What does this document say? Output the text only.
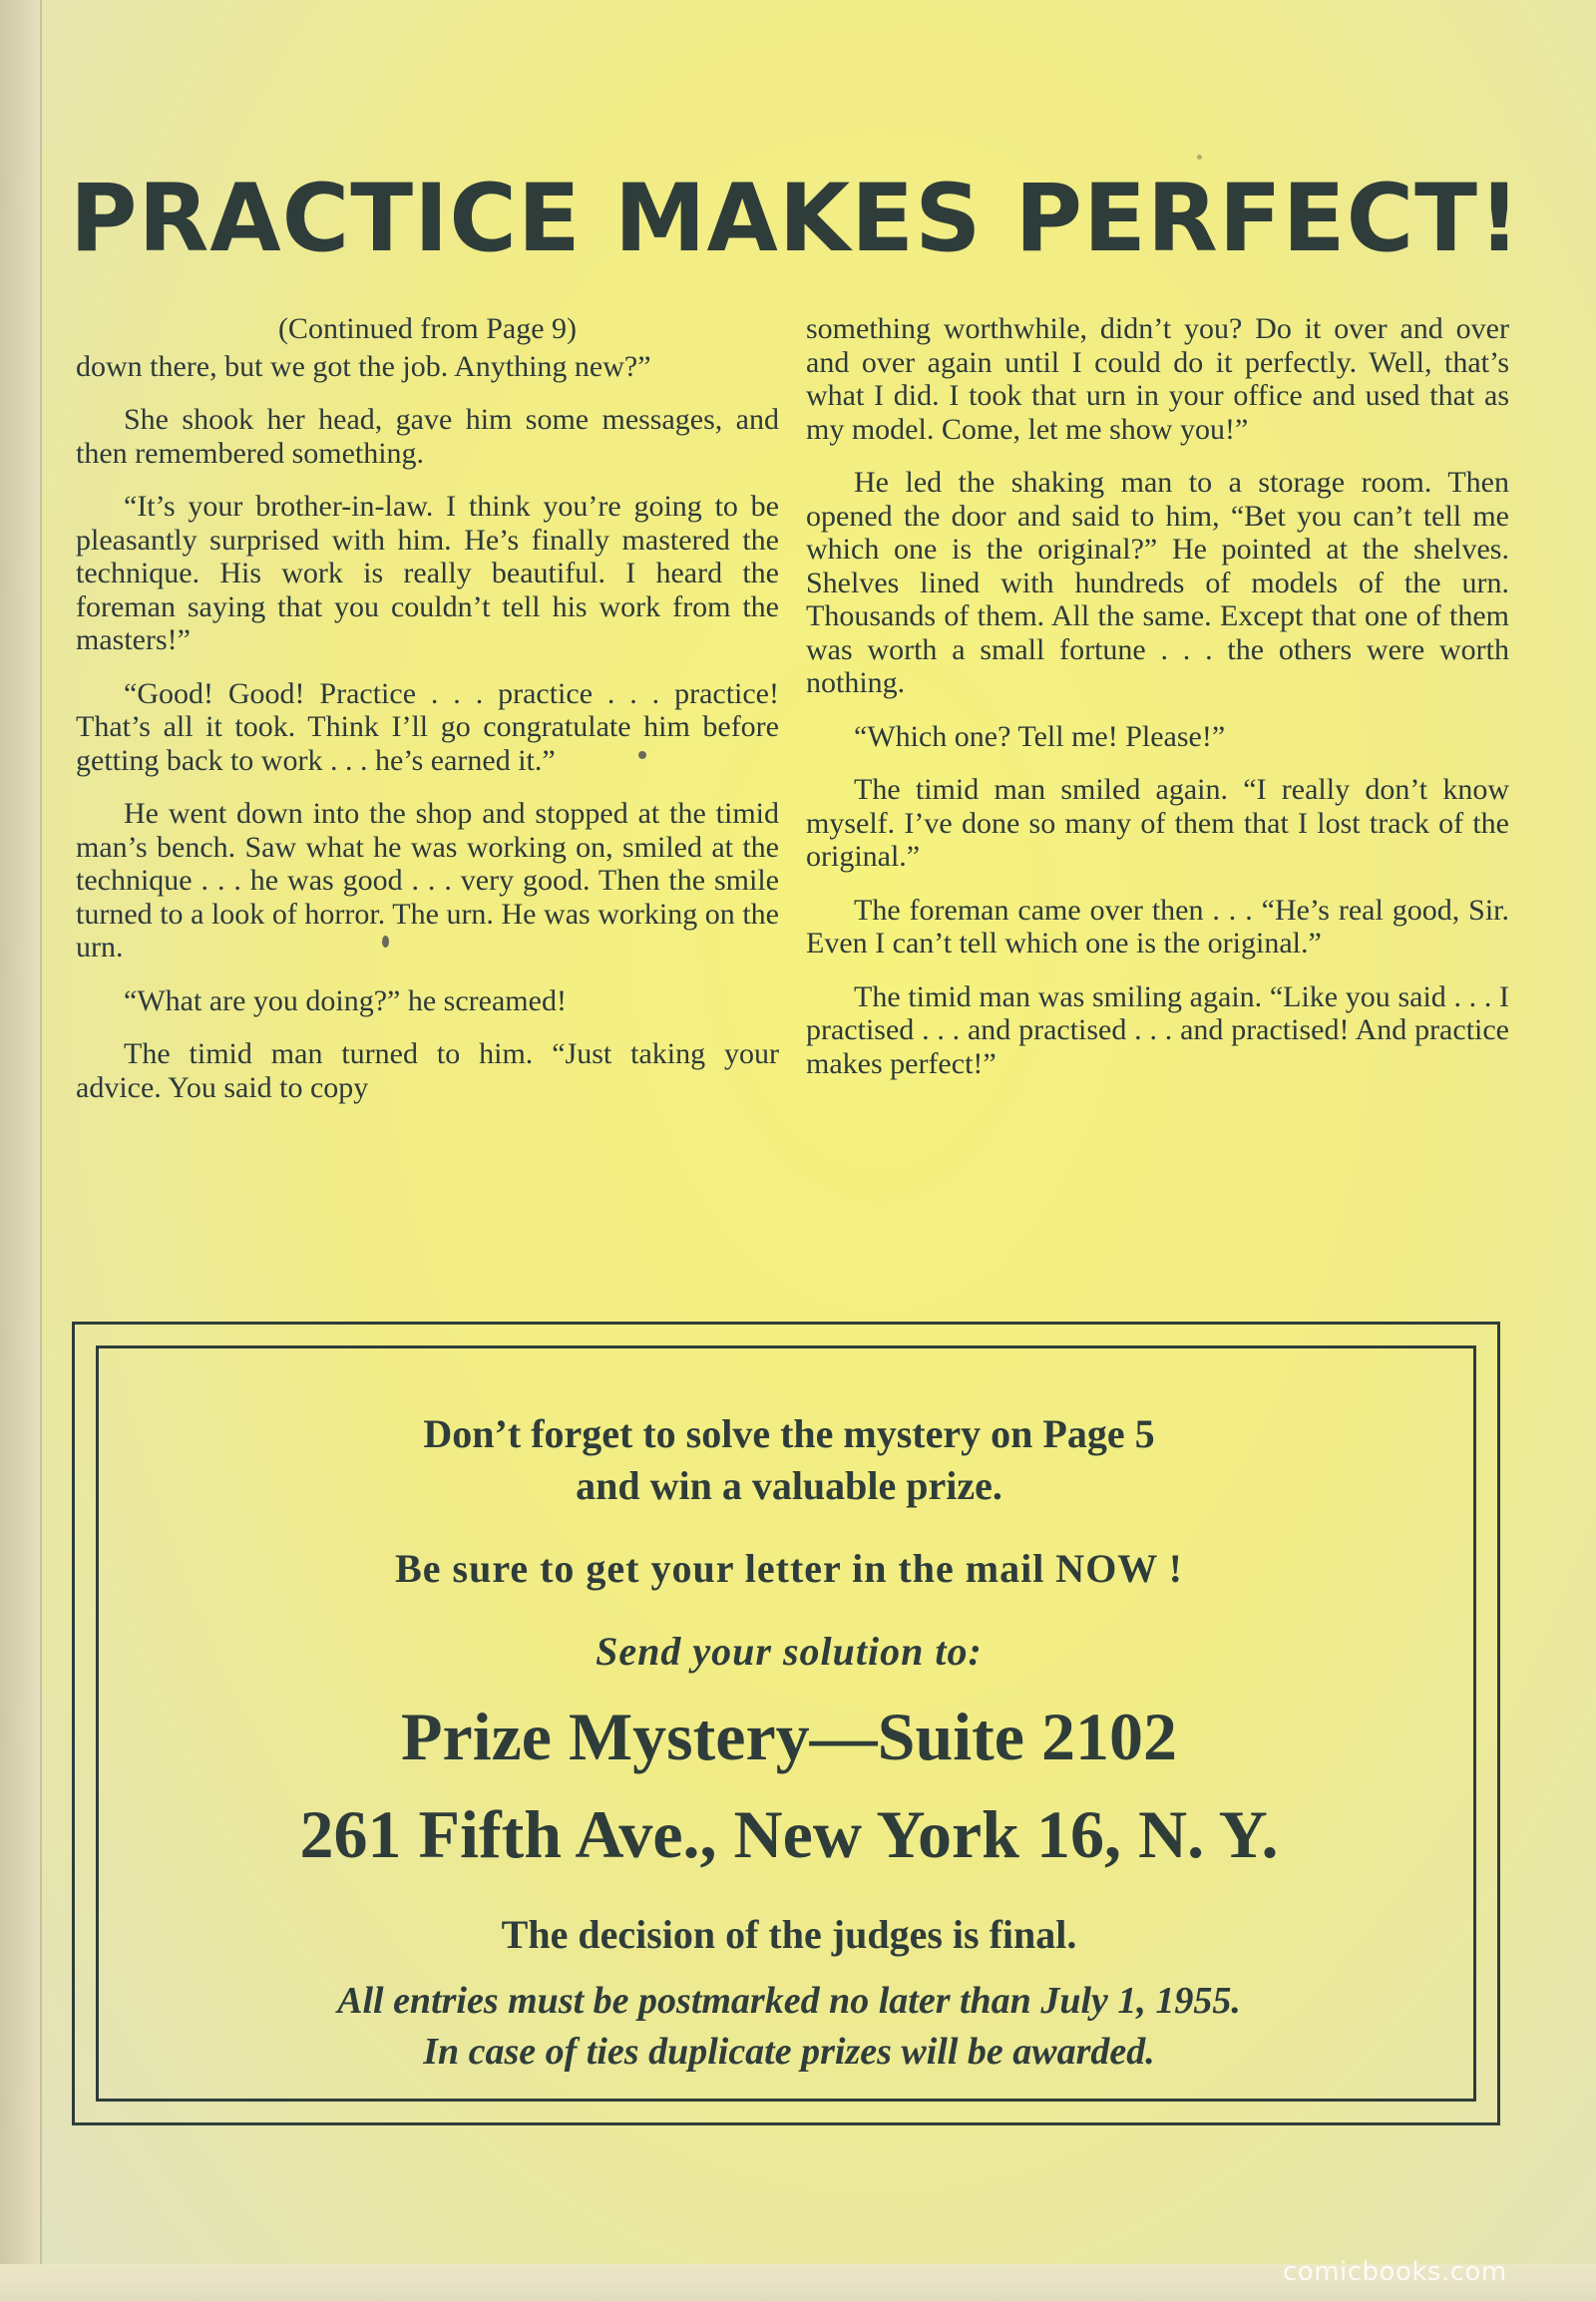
PRACTICE MAKES PERFECT!

(Continued from Page 9)

down there, but we got the job. Anything new?”

She shook her head, gave him some messages, and then remembered something.

“It’s your brother-in-law. I think you’re going to be pleasantly surprised with him. He’s finally mastered the technique. His work is really beautiful. I heard the foreman saying that you couldn’t tell his work from the masters!”

“Good! Good! Practice . . . practice . . . practice! That’s all it took. Think I’ll go congratulate him before getting back to work . . . he’s earned it.”

He went down into the shop and stopped at the timid man’s bench. Saw what he was working on, smiled at the technique . . . he was good . . . very good. Then the smile turned to a look of horror. The urn. He was working on the urn.

“What are you doing?” he screamed!

The timid man turned to him. “Just taking your advice. You said to copy

something worthwhile, didn’t you? Do it over and over and over again until I could do it perfectly. Well, that’s what I did. I took that urn in your office and used that as my model. Come, let me show you!”

He led the shaking man to a storage room. Then opened the door and said to him, “Bet you can’t tell me which one is the original?” He pointed at the shelves. Shelves lined with hundreds of models of the urn. Thousands of them. All the same. Except that one of them was worth a small fortune . . . the others were worth nothing.

“Which one? Tell me! Please!”

The timid man smiled again. “I really don’t know myself. I’ve done so many of them that I lost track of the original.”

The foreman came over then . . . “He’s real good, Sir. Even I can’t tell which one is the original.”

The timid man was smiling again. “Like you said . . . I practised . . . and practised . . . and practised! And practice makes perfect!”

Don’t forget to solve the mystery on Page 5
and win a valuable prize.
Be sure to get your letter in the mail NOW !
Send your solution to:
Prize Mystery—Suite 2102
261 Fifth Ave., New York 16, N. Y.
The decision of the judges is final.
All entries must be postmarked no later than July 1, 1955.
In case of ties duplicate prizes will be awarded.
comicbooks.com
